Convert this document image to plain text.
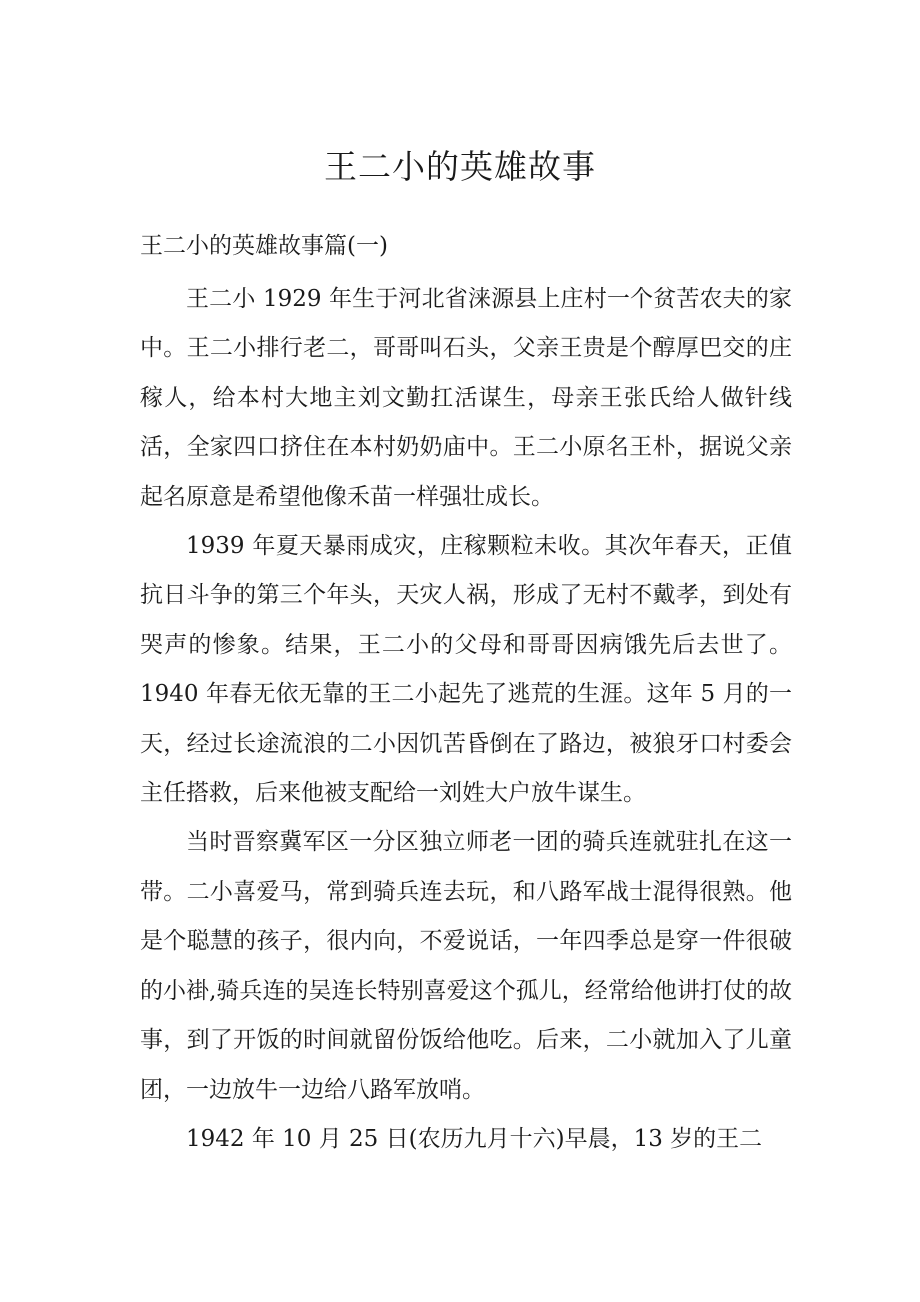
王二小的英雄故事
王二小的英雄故事篇(一)

王二小 1929 年生于河北省涞源县上庄村一个贫苦农夫的家中。王二小排行老二，哥哥叫石头，父亲王贵是个醇厚巴交的庄稼人，给本村大地主刘文勤扛活谋生，母亲王张氏给人做针线活，全家四口挤住在本村奶奶庙中。王二小原名王朴，据说父亲起名原意是希望他像禾苗一样强壮成长。

1939 年夏天暴雨成灾，庄稼颗粒未收。其次年春天，正值抗日斗争的第三个年头，天灾人祸，形成了无村不戴孝，到处有哭声的惨象。结果，王二小的父母和哥哥因病饿先后去世了。1940 年春无依无靠的王二小起先了逃荒的生涯。这年 5 月的一天，经过长途流浪的二小因饥苦昏倒在了路边，被狼牙口村委会主任搭救，后来他被支配给一刘姓大户放牛谋生。

当时晋察冀军区一分区独立师老一团的骑兵连就驻扎在这一带。二小喜爱马，常到骑兵连去玩，和八路军战士混得很熟。他是个聪慧的孩子，很内向，不爱说话，一年四季总是穿一件很破的小褂,骑兵连的吴连长特别喜爱这个孤儿，经常给他讲打仗的故事，到了开饭的时间就留份饭给他吃。后来，二小就加入了儿童团，一边放牛一边给八路军放哨。

1942 年 10 月 25 日(农历九月十六)早晨，13 岁的王二
